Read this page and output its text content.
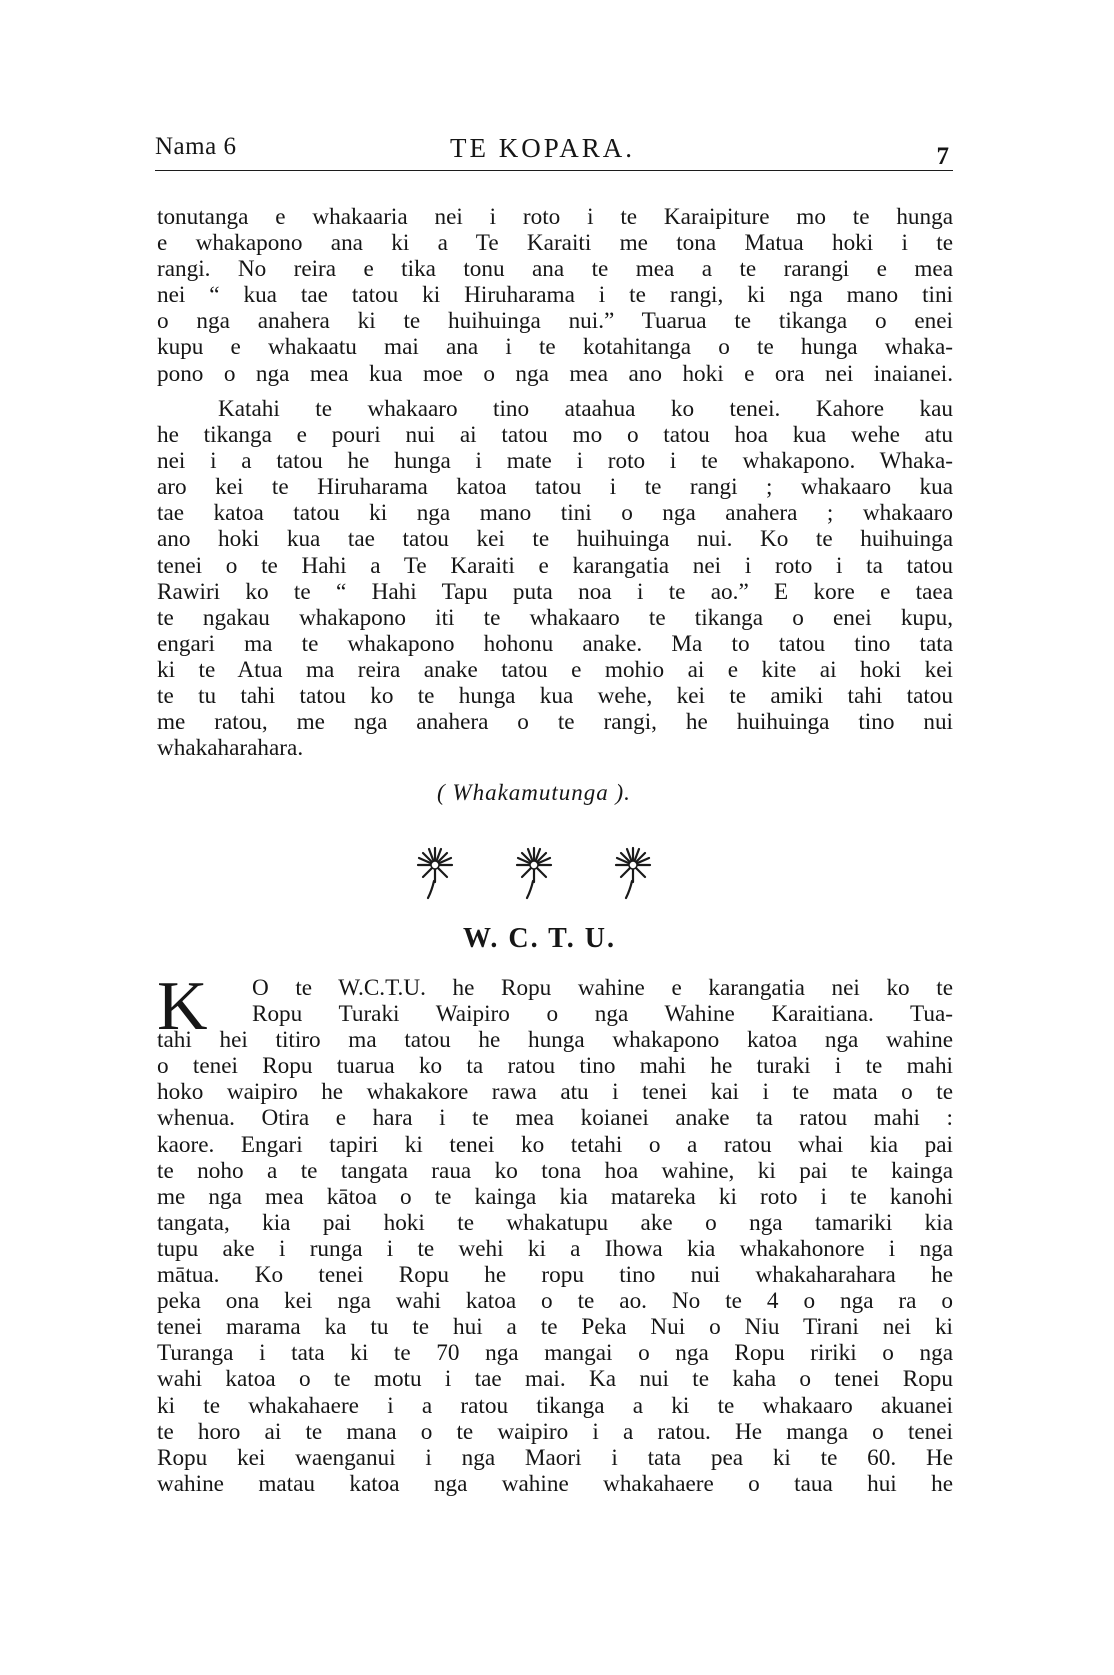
Nama 6	TE KOPARA.	7
tonutanga e whakaaria nei i roto i te Karaipiture mo te hunga
e whakapono ana ki a Te Karaiti me tona Matua hoki i te
rangi. No reira e tika tonu ana te mea a te rarangi e mea
nei “ kua tae tatou ki Hiruharama i te rangi, ki nga mano tini
o nga anahera ki te huihuinga nui.” Tuarua te tikanga o enei
kupu e whakaatu mai ana i te kotahitanga o te hunga whaka-
pono o nga mea kua moe o nga mea ano hoki e ora nei inaianei.
Katahi te whakaaro tino ataahua ko tenei. Kahore kau
he tikanga e pouri nui ai tatou mo o tatou hoa kua wehe atu
nei i a tatou he hunga i mate i roto i te whakapono. Whaka-
aro kei te Hiruharama katoa tatou i te rangi ; whakaaro kua
tae katoa tatou ki nga mano tini o nga anahera ; whakaaro
ano hoki kua tae tatou kei te huihuinga nui. Ko te huihuinga
tenei o te Hahi a Te Karaiti e karangatia nei i roto i ta tatou
Rawiri ko te “ Hahi Tapu puta noa i te ao.” E kore e taea
te ngakau whakapono iti te whakaaro te tikanga o enei kupu,
engari ma te whakapono hohonu anake. Ma to tatou tino tata
ki te Atua ma reira anake tatou e mohio ai e kite ai hoki kei
te tu tahi tatou ko te hunga kua wehe, kei te amiki tahi tatou
me ratou, me nga anahera o te rangi, he huihuinga tino nui
whakaharahara.
( Whakamutunga ).
W. C. T. U.
K	O te W.C.T.U. he Ropu wahine e karangatia nei ko te
Ropu Turaki Waipiro o nga Wahine Karaitiana. Tua-
tahi hei titiro ma tatou he hunga whakapono katoa nga wahine
o tenei Ropu tuarua ko ta ratou tino mahi he turaki i te mahi
hoko waipiro he whakakore rawa atu i tenei kai i te mata o te
whenua. Otira e hara i te mea koianei anake ta ratou mahi :
kaore. Engari tapiri ki tenei ko tetahi o a ratou whai kia pai
te noho a te tangata raua ko tona hoa wahine, ki pai te kainga
me nga mea kātoa o te kainga kia matareka ki roto i te kanohi
tangata, kia pai hoki te whakatupu ake o nga tamariki kia
tupu ake i runga i te wehi ki a Ihowa kia whakahonore i nga
mātua. Ko tenei Ropu he ropu tino nui whakaharahara he
peka ona kei nga wahi katoa o te ao. No te 4 o nga ra o
tenei marama ka tu te hui a te Peka Nui o Niu Tirani nei ki
Turanga i tata ki te 70 nga mangai o nga Ropu ririki o nga
wahi katoa o te motu i tae mai. Ka nui te kaha o tenei Ropu
ki te whakahaere i a ratou tikanga a ki te whakaaro akuanei
te horo ai te mana o te waipiro i a ratou. He manga o tenei
Ropu kei waenganui i nga Maori i tata pea ki te 60. He
wahine matau katoa nga wahine whakahaere o taua hui he
